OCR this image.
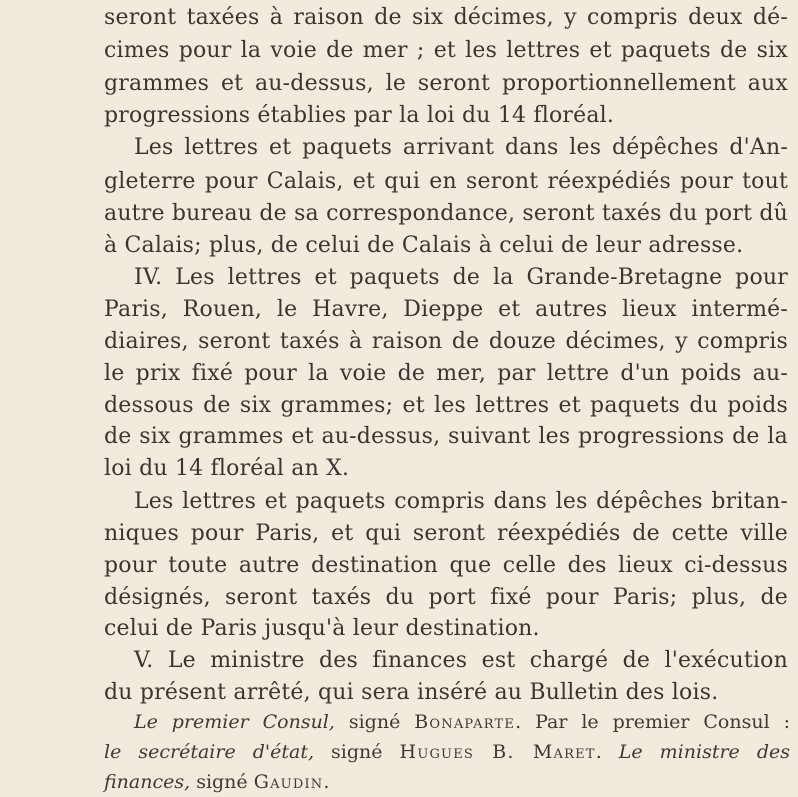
seront taxées à raison de six décimes, y compris deux dé-
cimes pour la voie de mer ; et les lettres et paquets de six
grammes et au-dessus, le seront proportionnellement aux
progressions établies par la loi du 14 floréal.
Les lettres et paquets arrivant dans les dépêches d'An-
gleterre pour Calais, et qui en seront réexpédiés pour tout
autre bureau de sa correspondance, seront taxés du port dû
à Calais; plus, de celui de Calais à celui de leur adresse.
IV. Les lettres et paquets de la Grande-Bretagne pour
Paris, Rouen, le Havre, Dieppe et autres lieux intermé-
diaires, seront taxés à raison de douze décimes, y compris
le prix fixé pour la voie de mer, par lettre d'un poids au-
dessous de six grammes; et les lettres et paquets du poids
de six grammes et au-dessus, suivant les progressions de la
loi du 14 floréal an X.
Les lettres et paquets compris dans les dépêches britan-
niques pour Paris, et qui seront réexpédiés de cette ville
pour toute autre destination que celle des lieux ci-dessus
désignés, seront taxés du port fixé pour Paris; plus, de
celui de Paris jusqu'à leur destination.
V. Le ministre des finances est chargé de l'exécution
du présent arrêté, qui sera inséré au Bulletin des lois.
Le premier Consul, signé Bonaparte. Par le premier Consul :
le secrétaire d'état, signé Hugues B. Maret. Le ministre des
finances, signé Gaudin.
